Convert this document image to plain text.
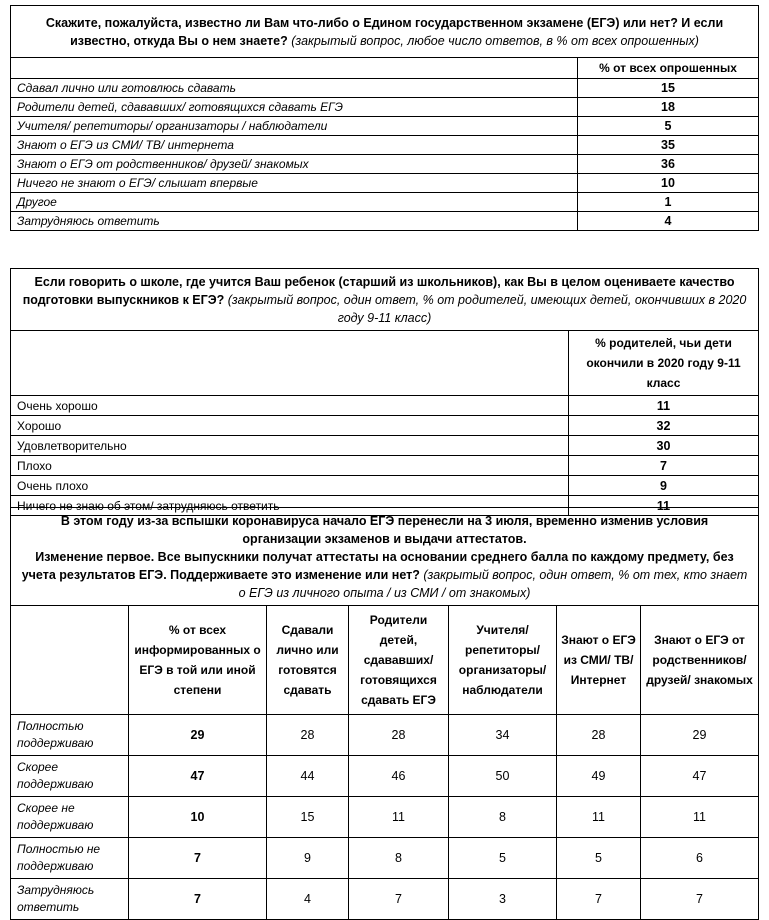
Скажите, пожалуйста, известно ли Вам что-либо о Едином государственном экзамене (ЕГЭ) или нет? И если известно, откуда Вы о нем знаете? (закрытый вопрос, любое число ответов, в % от всех опрошенных)	
	% от всех опрошенных
Сдавал лично или готовлюсь сдавать	15
Родители детей, сдававших/ готовящихся сдавать ЕГЭ	18
Учителя/ репетиторы/ организаторы / наблюдатели	5
Знают о ЕГЭ из СМИ/ ТВ/ интернета	35
Знают о ЕГЭ от родственников/ друзей/ знакомых	36
Ничего не знают о ЕГЭ/ слышат впервые	10
Другое	1
Затрудняюсь ответить	4
Если говорить о школе, где учится Ваш ребенок (старший из школьников), как Вы в целом оцениваете качество подготовки выпускников к ЕГЭ? (закрытый вопрос, один ответ, % от родителей, имеющих детей, окончивших в 2020 году 9-11 класс)	
	% родителей, чьи дети окончили в 2020 году 9-11 класс
Очень хорошо	11
Хорошо	32
Удовлетворительно	30
Плохо	7
Очень плохо	9
Ничего не знаю об этом/ затрудняюсь ответить	11
В этом году из-за вспышки коронавируса начало ЕГЭ перенесли на 3 июля, временно изменив условия организации экзаменов и выдачи аттестатов.
Изменение первое. Все выпускники получат аттестаты на основании среднего балла по каждому предмету, без учета результатов ЕГЭ. Поддерживаете это изменение или нет? (закрытый вопрос, один ответ, % от тех, кто знает о ЕГЭ из личного опыта / из СМИ / от знакомых)						
	% от всех информированных о ЕГЭ в той или иной степени	Сдавали лично или готовятся сдавать	Родители детей, сдававших/ готовящихся сдавать ЕГЭ	Учителя/ репетиторы/ организаторы/ наблюдатели	Знают о ЕГЭ из СМИ/ ТВ/ Интернет	Знают о ЕГЭ от родственников/ друзей/ знакомых
Полностью поддерживаю	29	28	28	34	28	29
Скорее поддерживаю	47	44	46	50	49	47
Скорее не поддерживаю	10	15	11	8	11	11
Полностью не поддерживаю	7	9	8	5	5	6
Затрудняюсь ответить	7	4	7	3	7	7
